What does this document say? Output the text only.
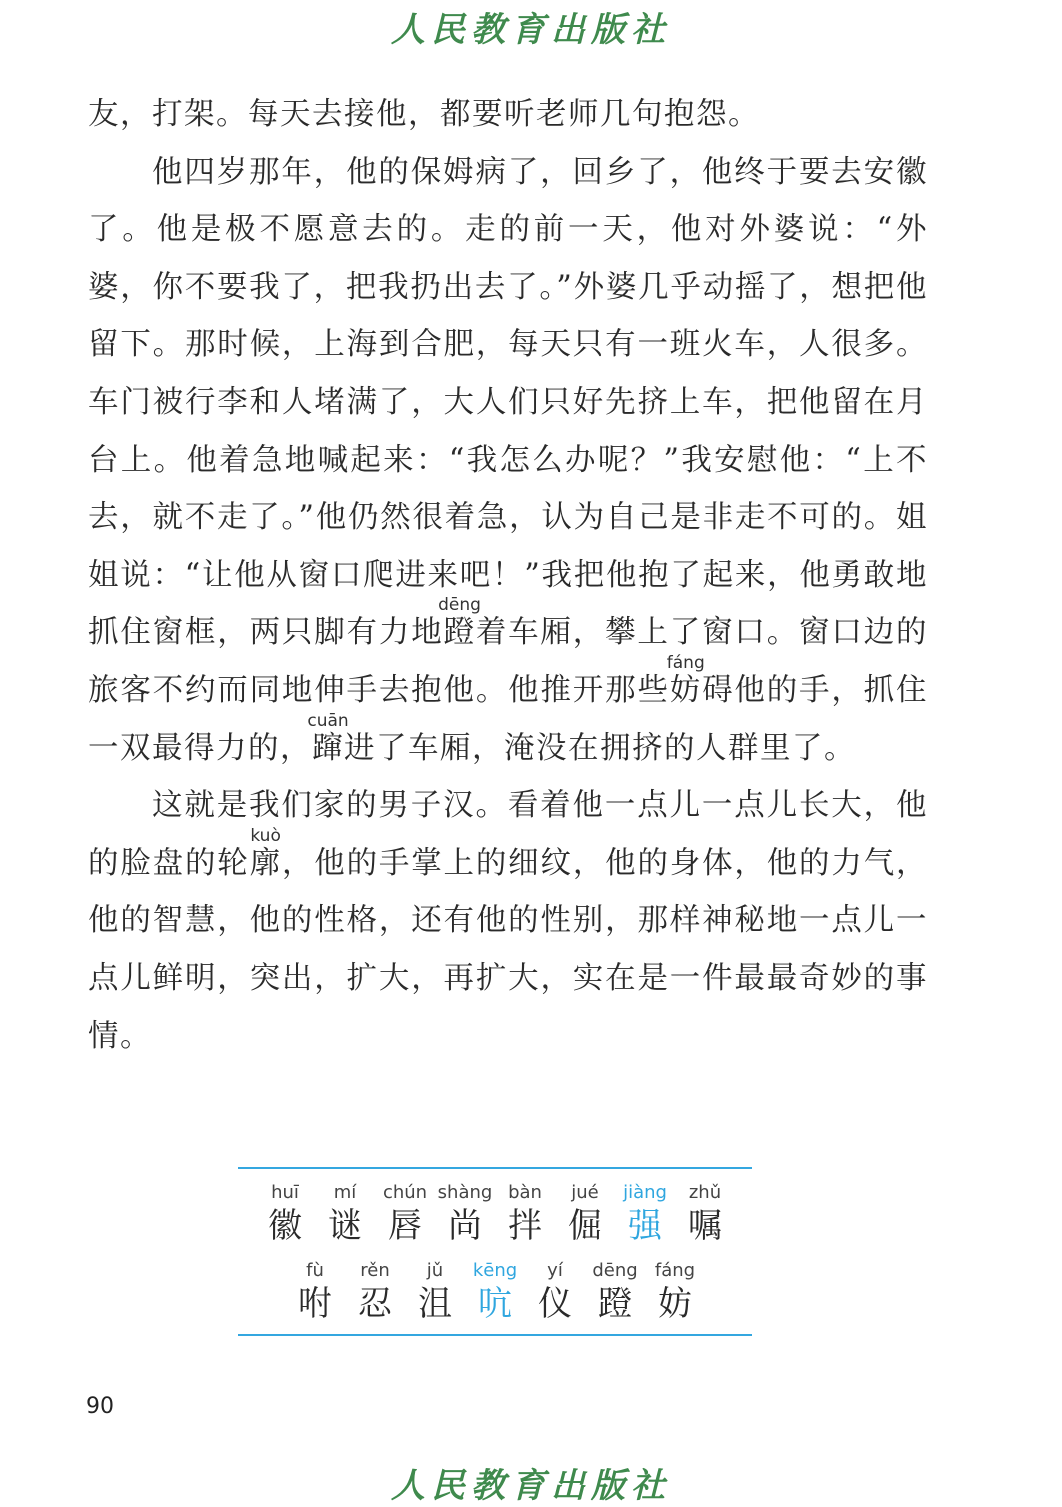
人民教育出版社

友，打架。每天去接他，都要听老师几句抱怨。

他四岁那年，他的保姆病了，回乡了，他终于要去安徽了。他是极不愿意去的。走的前一天，他对外婆说：“外婆，你不要我了，把我扔出去了。”外婆几乎动摇了，想把他留下。那时候，上海到合肥，每天只有一班火车，人很多。车门被行李和人堵满了，大人们只好先挤上车，把他留在月台上。他着急地喊起来：“我怎么办呢？”我安慰他：“上不去，就不走了。”他仍然很着急，认为自己是非走不可的。姐姐说：“让他从窗口爬进来吧！”我把他抱了起来，他勇敢地抓住窗框，两只脚有力地蹬dēng着车厢，攀上了窗口。窗口边的旅客不约而同地伸手去抱他。他推开那些妨fáng碍他的手，抓住一双最得力的，蹿cuān进了车厢，淹没在拥挤的人群里了。

这就是我们家的男子汉。看着他一点儿一点儿长大，他的脸盘的轮廓kuò，他的手掌上的细纹，他的身体，他的力气，他的智慧，他的性格，还有他的性别，那样神秘地一点儿一点儿鲜明，突出，扩大，再扩大，实在是一件最最奇妙的事情。

huī
徽
mí
谜
chún
唇
shàng
尚
bàn
拌
jué
倔
jiàng
强
zhǔ
嘱
fù
咐
rěn
忍
jǔ
沮
kēng
吭
yí
仪
dēng
蹬
fáng
妨
90
人民教育出版社
